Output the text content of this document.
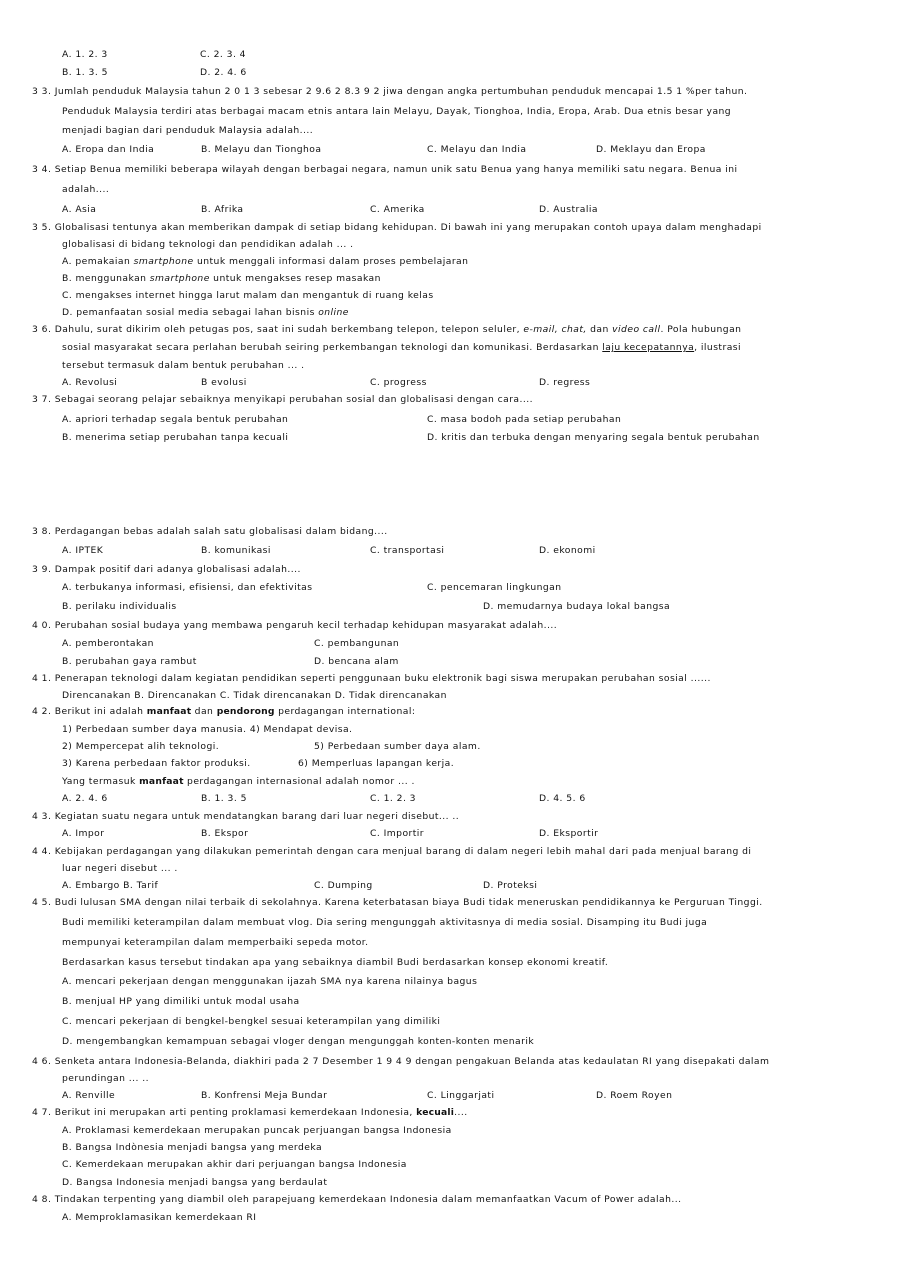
A. 1. 2. 3	C. 2. 3. 4
B. 1. 3. 5	D. 2. 4. 6
3 3. Jumlah penduduk Malaysia tahun 2 0 1 3 sebesar 2 9.6 2 8.3 9 2 jiwa dengan angka pertumbuhan penduduk mencapai 1.5 1 %per tahun.
Penduduk Malaysia terdiri atas berbagai macam etnis antara lain Melayu, Dayak, Tionghoa, India, Eropa, Arab. Dua etnis besar yang
menjadi bagian dari penduduk Malaysia adalah....
A. Eropa dan India	B. Melayu dan Tionghoa	C. Melayu dan India	D. Meklayu dan Eropa
3 4. Setiap Benua memiliki beberapa wilayah dengan berbagai negara, namun unik satu Benua yang hanya memiliki satu negara. Benua ini
adalah....
A. Asia	B. Afrika	C. Amerika	D. Australia
3 5. Globalisasi tentunya akan memberikan dampak di setiap bidang kehidupan. Di bawah ini yang merupakan contoh upaya dalam menghadapi
globalisasi di bidang teknologi dan pendidikan adalah ... .
A. pemakaian smartphone untuk menggali informasi dalam proses pembelajaran
B. menggunakan smartphone untuk mengakses resep masakan
C. mengakses internet hingga larut malam dan mengantuk di ruang kelas
D. pemanfaatan sosial media sebagai lahan bisnis online
3 6. Dahulu, surat dikirim oleh petugas pos, saat ini sudah berkembang telepon, telepon seluler, e-mail, chat, dan video call. Pola hubungan
sosial masyarakat secara perlahan berubah seiring perkembangan teknologi dan komunikasi. Berdasarkan laju kecepatannya, ilustrasi
tersebut termasuk dalam bentuk perubahan ... .
A. Revolusi	B evolusi	C. progress	D. regress
3 7. Sebagai seorang pelajar sebaiknya menyikapi perubahan sosial dan globalisasi dengan cara....
A. apriori terhadap segala bentuk perubahan	C. masa bodoh pada setiap perubahan
B. menerima setiap perubahan tanpa kecuali	D. kritis dan terbuka dengan menyaring segala bentuk perubahan
3 8. Perdagangan bebas adalah salah satu globalisasi dalam bidang....
A. IPTEK	B. komunikasi	C. transportasi	D. ekonomi
3 9. Dampak positif dari adanya globalisasi adalah....
A. terbukanya informasi, efisiensi, dan efektivitas	C. pencemaran lingkungan
B. perilaku individualis	D. memudarnya budaya lokal bangsa
4 0. Perubahan sosial budaya yang membawa pengaruh kecil terhadap kehidupan masyarakat adalah....
A. pemberontakan	C. pembangunan
B. perubahan gaya rambut	D. bencana alam
4 1. Penerapan teknologi dalam kegiatan pendidikan seperti penggunaan buku elektronik bagi siswa merupakan perubahan sosial ......
Direncanakan B. Direncanakan C. Tidak direncanakan D. Tidak direncanakan
4 2. Berikut ini adalah manfaat dan pendorong perdagangan international:
1) Perbedaan sumber daya manusia. 4) Mendapat devisa.
2) Mempercepat alih teknologi.	5) Perbedaan sumber daya alam.
3) Karena perbedaan faktor produksi.	6) Memperluas lapangan kerja.
Yang termasuk manfaat perdagangan internasional adalah nomor ... .
A. 2. 4. 6	B. 1. 3. 5	C. 1. 2. 3	D. 4. 5. 6
4 3. Kegiatan suatu negara untuk mendatangkan barang dari luar negeri disebut... ..
A. Impor	B. Ekspor	C. Importir	D. Eksportir
4 4. Kebijakan perdagangan yang dilakukan pemerintah dengan cara menjual barang di dalam negeri lebih mahal dari pada menjual barang di
luar negeri disebut ... .
A. Embargo B. Tarif	C. Dumping	D. Proteksi
4 5. Budi lulusan SMA dengan nilai terbaik di sekolahnya. Karena keterbatasan biaya Budi tidak meneruskan pendidikannya ke Perguruan Tinggi.
Budi memiliki keterampilan dalam membuat vlog. Dia sering mengunggah aktivitasnya di media sosial. Disamping itu Budi juga
mempunyai keterampilan dalam memperbaiki sepeda motor.
Berdasarkan kasus tersebut tindakan apa yang sebaiknya diambil Budi berdasarkan konsep ekonomi kreatif.
A. mencari pekerjaan dengan menggunakan ijazah SMA nya karena nilainya bagus
B. menjual HP yang dimiliki untuk modal usaha
C. mencari pekerjaan di bengkel-bengkel sesuai keterampilan yang dimiliki
D. mengembangkan kemampuan sebagai vloger dengan mengunggah konten-konten menarik
4 6. Senketa antara Indonesia-Belanda, diakhiri pada 2 7 Desember 1 9 4 9 dengan pengakuan Belanda atas kedaulatan RI yang disepakati dalam
perundingan ... ..
A. Renville	B. Konfrensi Meja Bundar	C. Linggarjati	D. Roem Royen
4 7. Berikut ini merupakan arti penting proklamasi kemerdekaan Indonesia, kecuali....
A. Proklamasi kemerdekaan merupakan puncak perjuangan bangsa Indonesia
B. Bangsa Indònesia menjadi bangsa yang merdeka
C. Kemerdekaan merupakan akhir dari perjuangan bangsa Indonesia
D. Bangsa Indonesia menjadi bangsa yang berdaulat
4 8. Tindakan terpenting yang diambil oleh parapejuang kemerdekaan Indonesia dalam memanfaatkan Vacum of Power adalah...
A. Memproklamasikan kemerdekaan RI
